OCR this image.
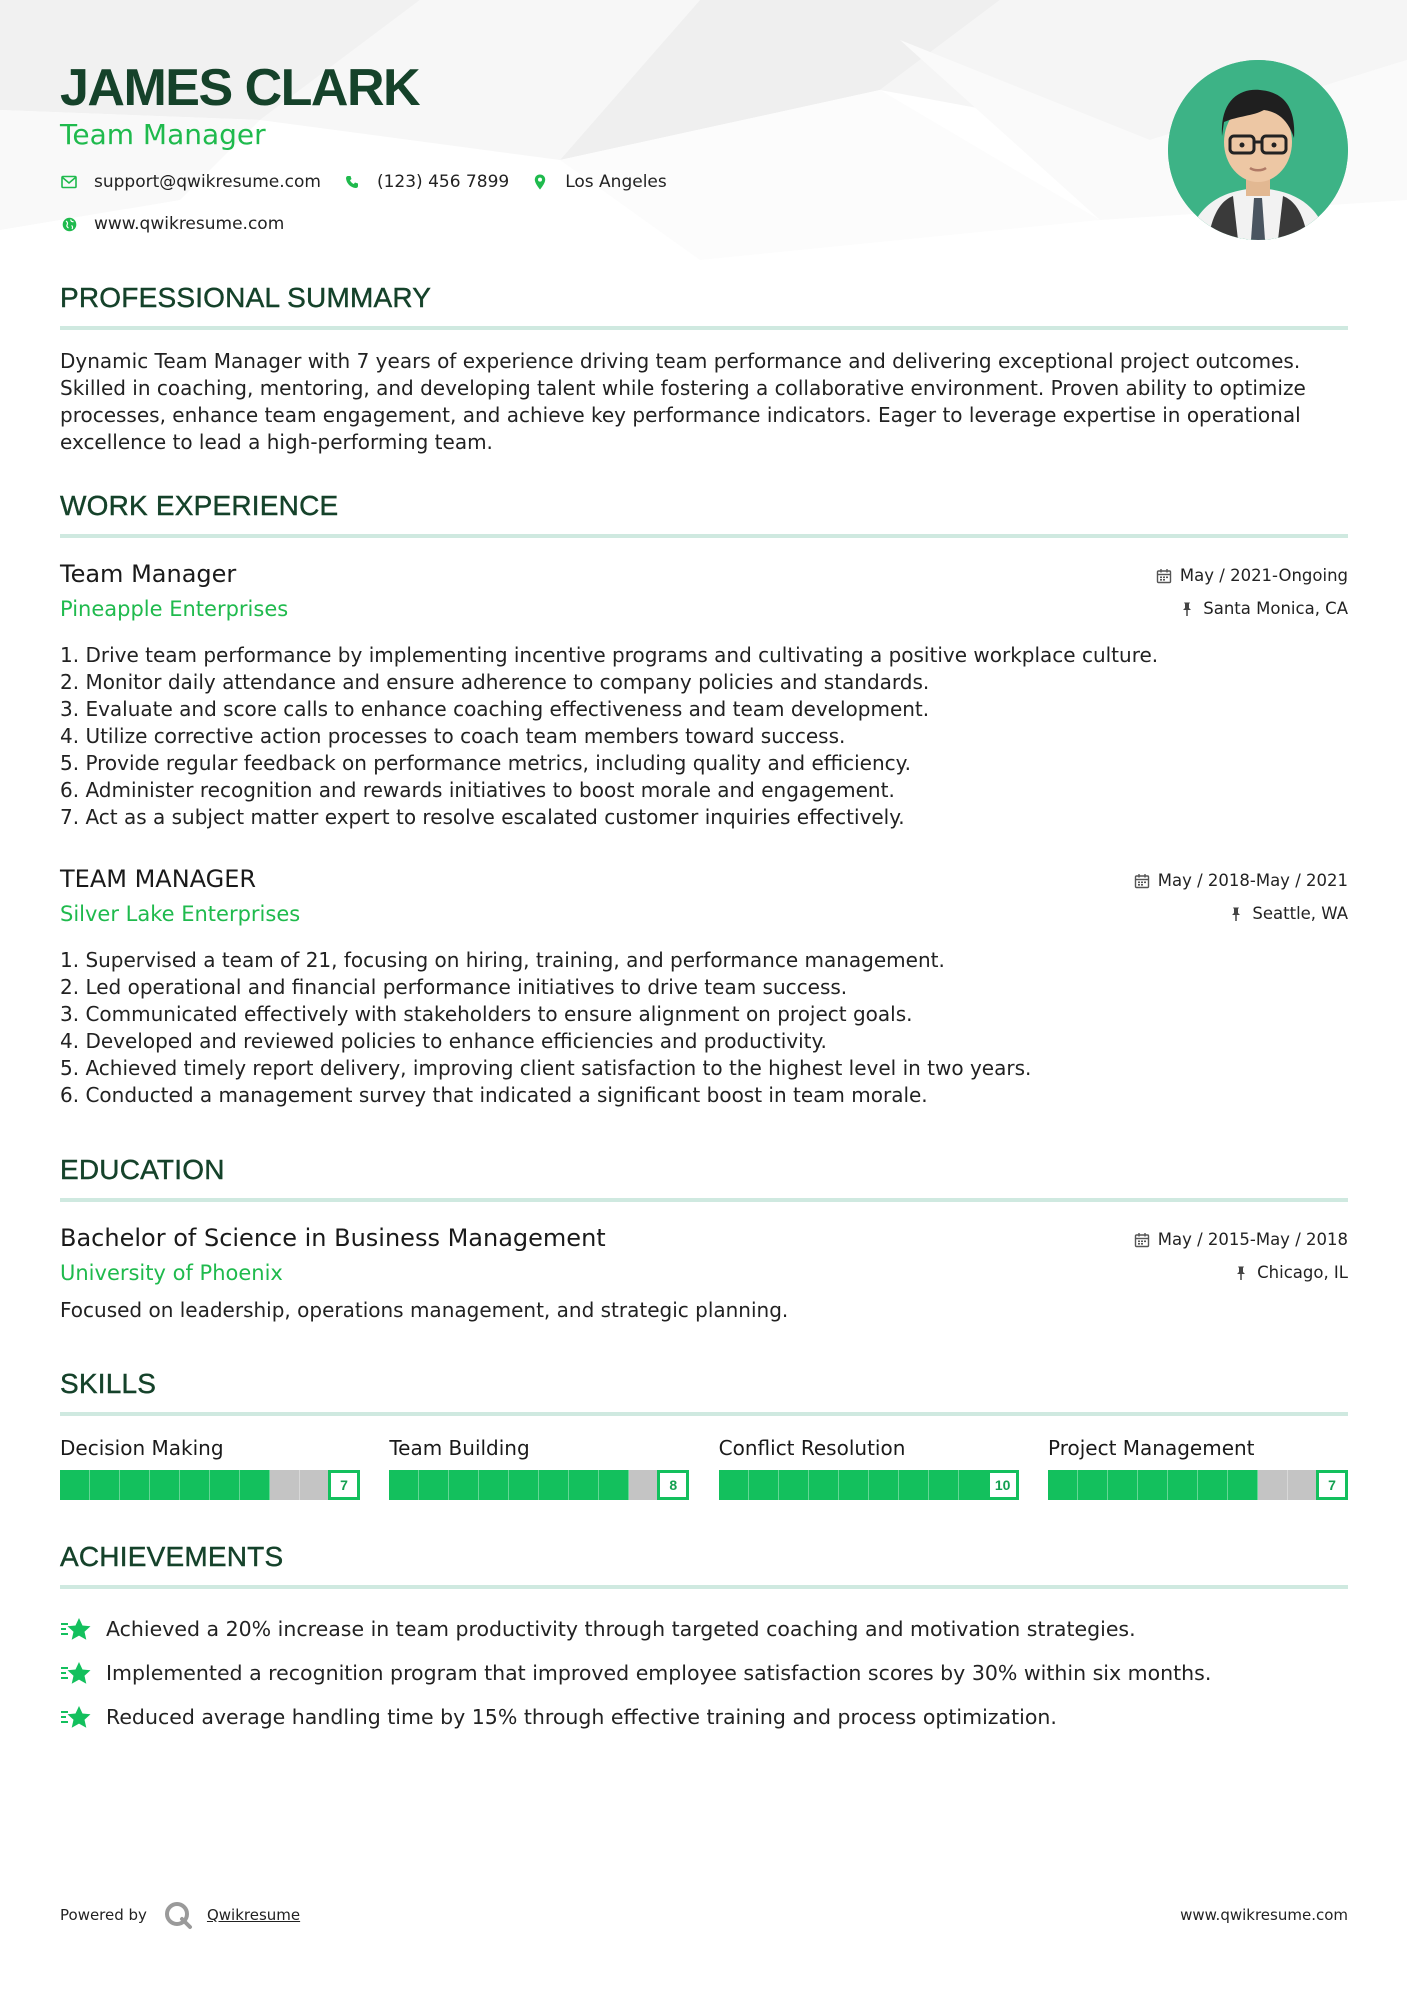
JAMES CLARK
Team Manager
support@qwikresume.com	(123) 456 7899	Los Angeles
www.qwikresume.com
PROFESSIONAL SUMMARY
Dynamic Team Manager with 7 years of experience driving team performance and delivering exceptional project outcomes. Skilled in coaching, mentoring, and developing talent while fostering a collaborative environment. Proven ability to optimize processes, enhance team engagement, and achieve key performance indicators. Eager to leverage expertise in operational excellence to lead a high-performing team.
WORK EXPERIENCE
Team Manager
Pineapple Enterprises
May / 2021-Ongoing
Santa Monica, CA
1. Drive team performance by implementing incentive programs and cultivating a positive workplace culture.
2. Monitor daily attendance and ensure adherence to company policies and standards.
3. Evaluate and score calls to enhance coaching effectiveness and team development.
4. Utilize corrective action processes to coach team members toward success.
5. Provide regular feedback on performance metrics, including quality and efficiency.
6. Administer recognition and rewards initiatives to boost morale and engagement.
7. Act as a subject matter expert to resolve escalated customer inquiries effectively.
TEAM MANAGER
Silver Lake Enterprises
May / 2018-May / 2021
Seattle, WA
1. Supervised a team of 21, focusing on hiring, training, and performance management.
2. Led operational and financial performance initiatives to drive team success.
3. Communicated effectively with stakeholders to ensure alignment on project goals.
4. Developed and reviewed policies to enhance efficiencies and productivity.
5. Achieved timely report delivery, improving client satisfaction to the highest level in two years.
6. Conducted a management survey that indicated a significant boost in team morale.
EDUCATION
Bachelor of Science in Business Management
University of Phoenix
May / 2015-May / 2018
Chicago, IL
Focused on leadership, operations management, and strategic planning.
SKILLS
Decision Making
7
Team Building
8
Conflict Resolution
10
Project Management
7
ACHIEVEMENTS
Achieved a 20% increase in team productivity through targeted coaching and motivation strategies.
Implemented a recognition program that improved employee satisfaction scores by 30% within six months.
Reduced average handling time by 15% through effective training and process optimization.
Powered by	Qwikresume	www.qwikresume.com
